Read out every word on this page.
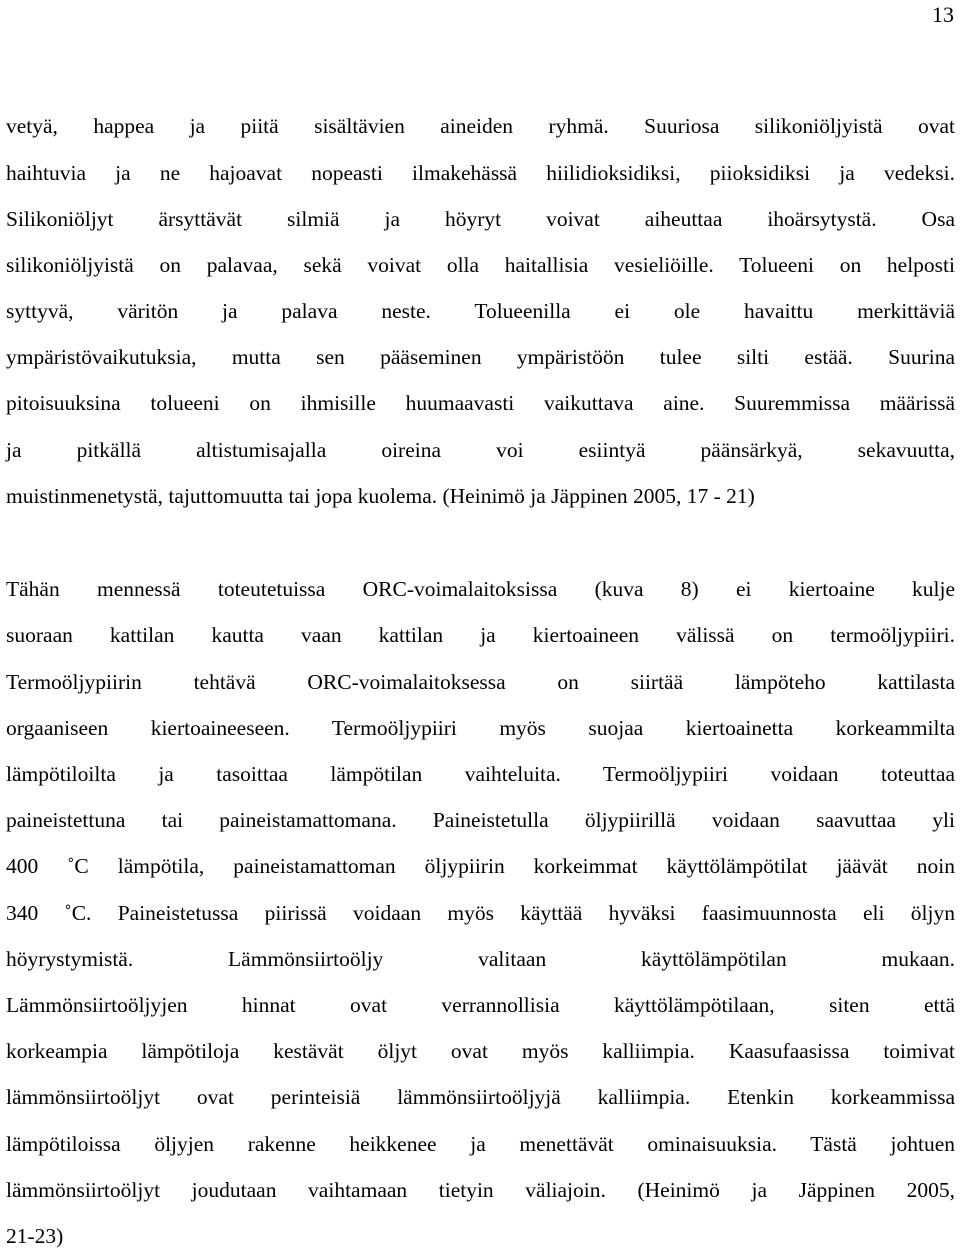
13
vetyä, happea ja piitä sisältävien aineiden ryhmä. Suuriosa silikoniöljyistä ovat
haihtuvia ja ne hajoavat nopeasti ilmakehässä hiilidioksidiksi, piioksidiksi ja vedeksi.
Silikoniöljyt ärsyttävät silmiä ja höyryt voivat aiheuttaa ihoärsytystä. Osa
silikoniöljyistä on palavaa, sekä voivat olla haitallisia vesieliöille. Tolueeni on helposti
syttyvä, väritön ja palava neste. Tolueenilla ei ole havaittu merkittäviä
ympäristövaikutuksia, mutta sen pääseminen ympäristöön tulee silti estää. Suurina
pitoisuuksina tolueeni on ihmisille huumaavasti vaikuttava aine. Suuremmissa määrissä
ja pitkällä altistumisajalla oireina voi esiintyä päänsärkyä, sekavuutta,
muistinmenetystä, tajuttomuutta tai jopa kuolema. (Heinimö ja Jäppinen 2005, 17 - 21)
Tähän mennessä toteutetuissa ORC-voimalaitoksissa (kuva 8) ei kiertoaine kulje
suoraan kattilan kautta vaan kattilan ja kiertoaineen välissä on termoöljypiiri.
Termoöljypiirin tehtävä ORC-voimalaitoksessa on siirtää lämpöteho kattilasta
orgaaniseen kiertoaineeseen. Termoöljypiiri myös suojaa kiertoainetta korkeammilta
lämpötiloilta ja tasoittaa lämpötilan vaihteluita. Termoöljypiiri voidaan toteuttaa
paineistettuna tai paineistamattomana. Paineistetulla öljypiirillä voidaan saavuttaa yli
400 ˚C lämpötila, paineistamattoman öljypiirin korkeimmat käyttölämpötilat jäävät noin
340 ˚C. Paineistetussa piirissä voidaan myös käyttää hyväksi faasimuunnosta eli öljyn
höyrystymistä. Lämmönsiirtoöljy valitaan käyttölämpötilan mukaan.
Lämmönsiirtoöljyjen hinnat ovat verrannollisia käyttölämpötilaan, siten että
korkeampia lämpötiloja kestävät öljyt ovat myös kalliimpia. Kaasufaasissa toimivat
lämmönsiirtoöljyt ovat perinteisiä lämmönsiirtoöljyjä kalliimpia. Etenkin korkeammissa
lämpötiloissa öljyjen rakenne heikkenee ja menettävät ominaisuuksia. Tästä johtuen
lämmönsiirtoöljyt joudutaan vaihtamaan tietyin väliajoin. (Heinimö ja Jäppinen 2005,
21-23)
